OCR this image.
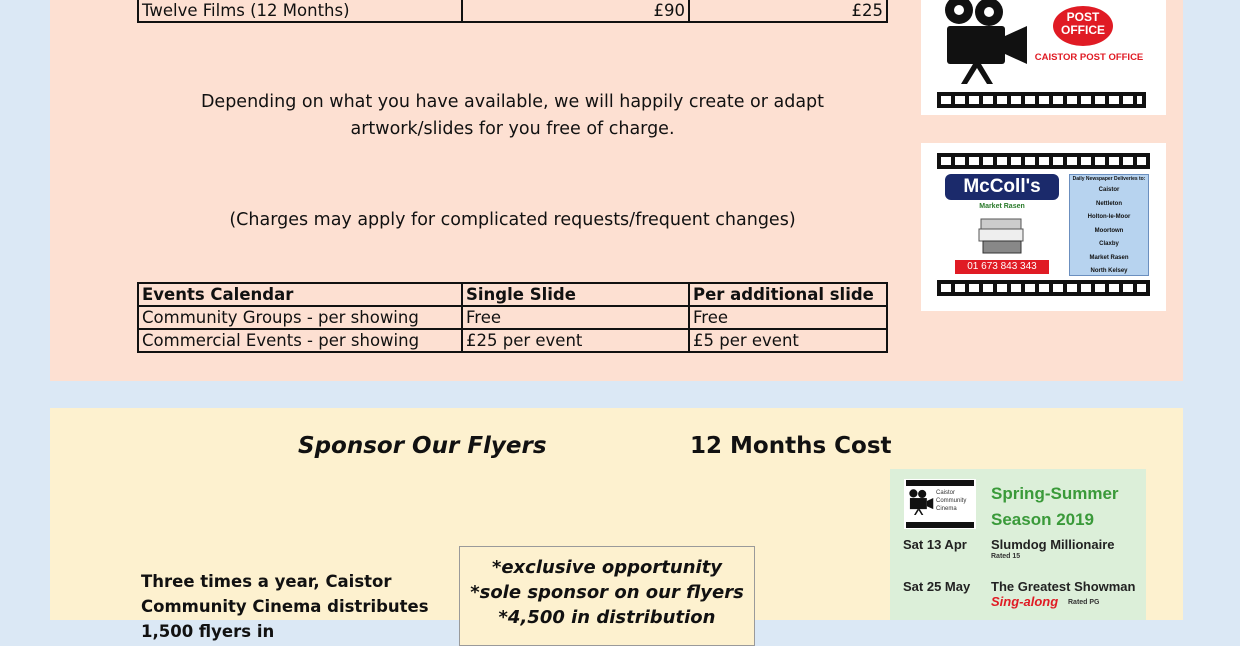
Twelve Films (12 Months)	£90	£25
Depending on what you have available, we will happily create or adapt artwork/slides for you free of charge.
(Charges may apply for complicated requests/frequent changes)
Events Calendar	Single Slide	Per additional slide
Community Groups - per showing	Free	Free
Commercial Events - per showing	£25 per event	£5 per event
POST
OFFICE
CAISTOR POST OFFICE
McColl's
Market Rasen
01 673 843 343
Daily Newspaper Deliveries to:
Caistor
Nettleton
Holton-le-Moor
Moortown
Claxby
Market Rasen
North Kelsey
Sponsor Our Flyers	12 Months Cost
Three times a year, Caistor Community Cinema distributes 1,500 flyers in
*exclusive opportunity
*sole sponsor on our flyers
*4,500 in distribution
Caistor
Community
Cinema
Spring-Summer
Season 2019
Sat 13 Apr Slumdog Millionaire
Rated 15
Sat 25 May The Greatest Showman
Sing-along Rated PG
